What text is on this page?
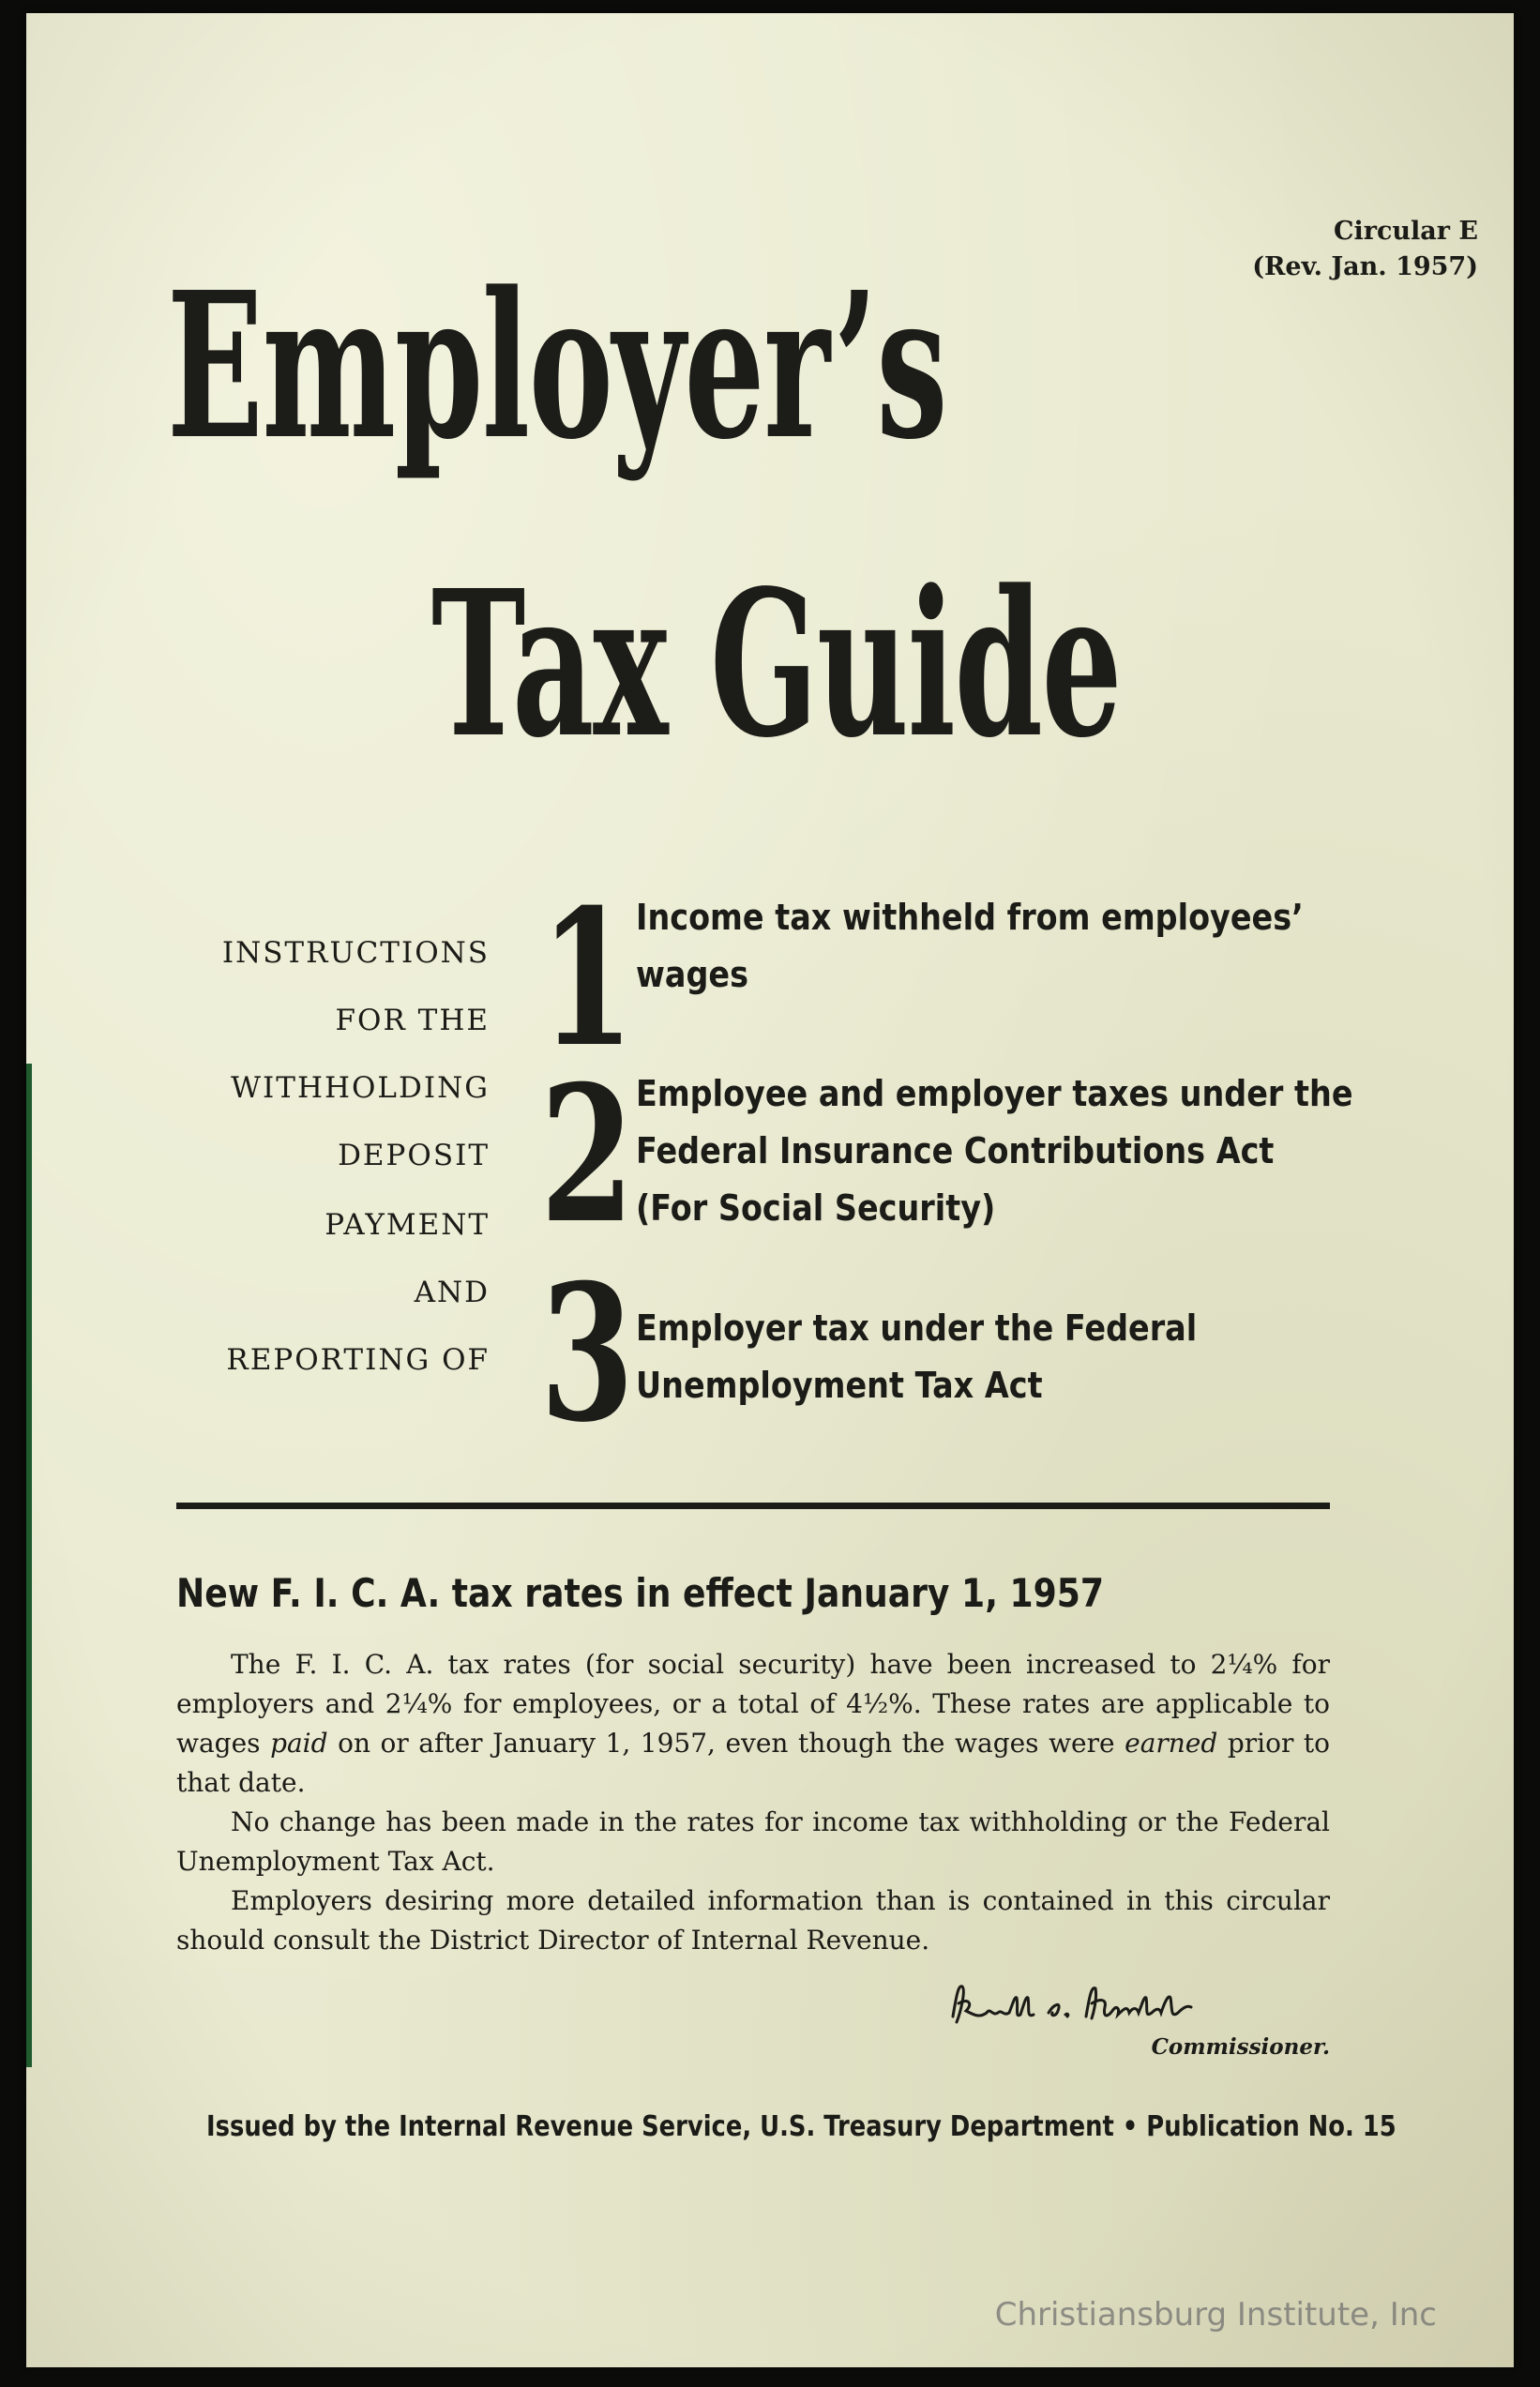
Circular E
(Rev. Jan. 1957)
Employer’s
Tax Guide
INSTRUCTIONS
FOR THE
WITHHOLDING
DEPOSIT
PAYMENT
AND
REPORTING OF
1
2
3
Income tax withheld from employees’
wages
Employee and employer taxes under the
Federal Insurance Contributions Act
(For Social Security)
Employer tax under the Federal
Unemployment Tax Act
New F. I. C. A. tax rates in effect January 1, 1957

The F. I. C. A. tax rates (for social security) have been increased to 2¼% for employers and 2¼% for employees, or a total of 4½%. These rates are applicable to wages paid on or after January 1, 1957, even though the wages were earned prior to that date.

No change has been made in the rates for income tax withholding or the Federal Unemployment Tax Act.

Employers desiring more detailed information than is contained in this circular should consult the District Director of Internal Revenue.

Commissioner.
Issued by the Internal Revenue Service, U.S. Treasury Department • Publication No. 15
Christiansburg Institute, Inc
